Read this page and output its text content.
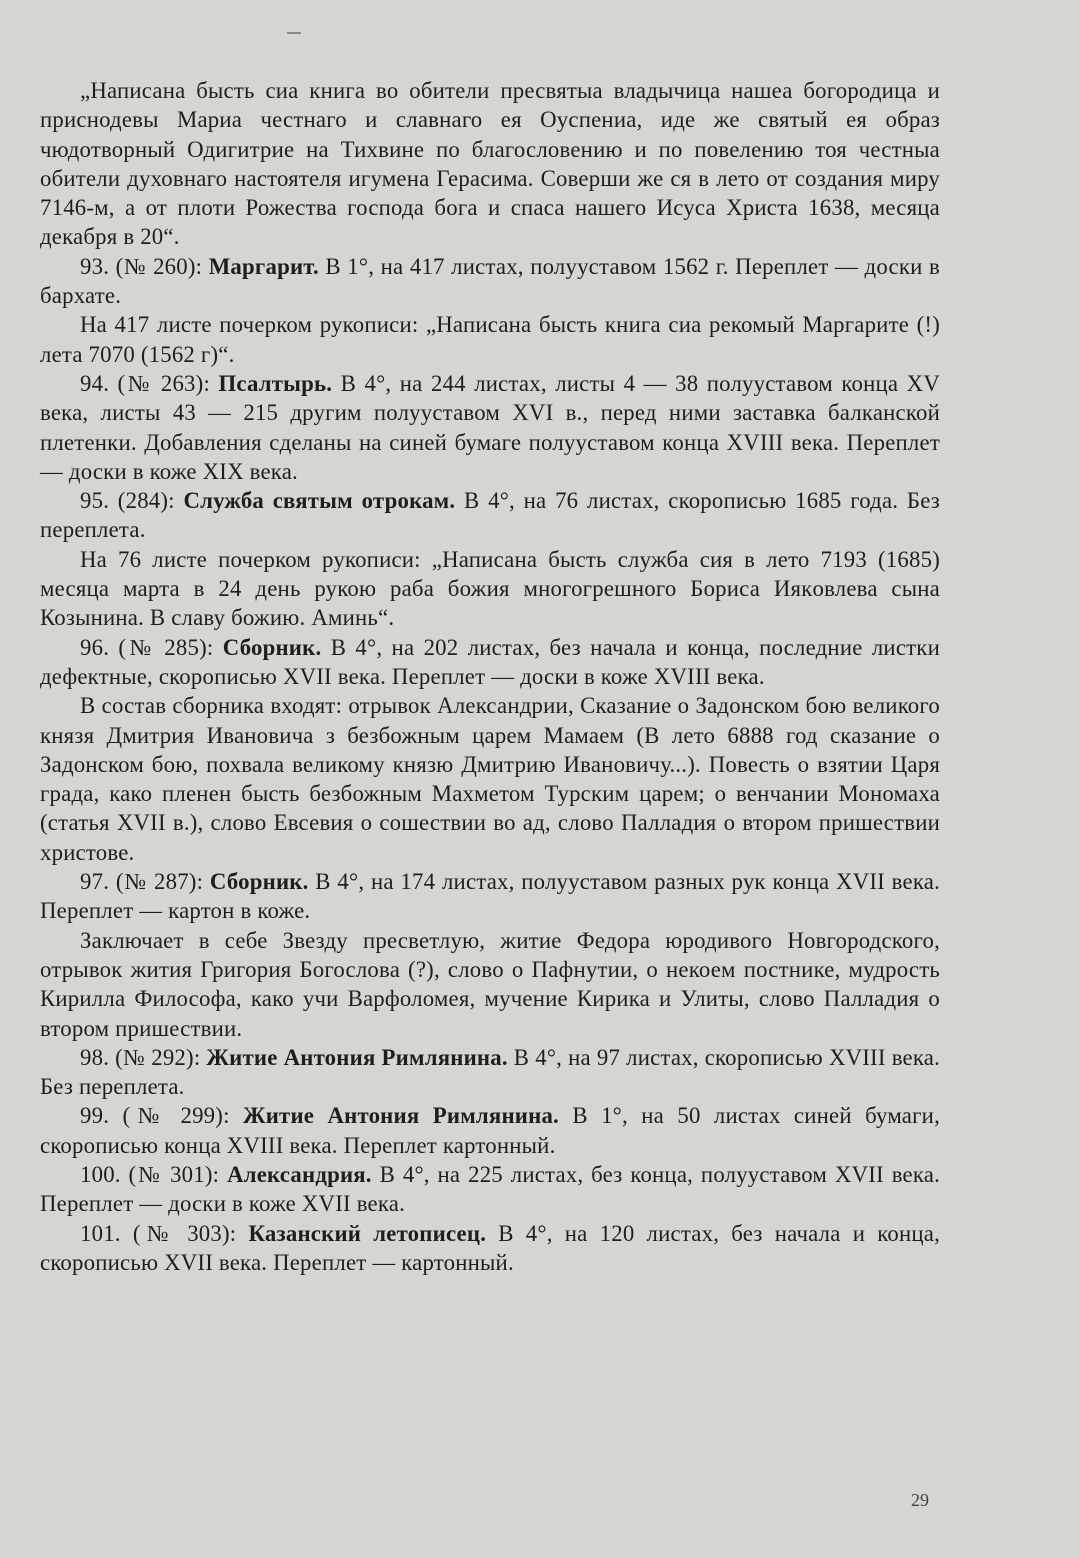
„Написана бысть сиа книга во обители пресвятыа владычица нашеа богородица и приснодевы Мариа честнаго и славнаго ея Оуспениа, иде же святый ея образ чюдотворный Одигитрие на Тихвине по благословению и по повелению тоя честныа обители духовнаго настоятеля игумена Герасима. Соверши же ся в лето от создания миру 7146-м, а от плоти Рожества господа бога и спаса нашего Исуса Христа 1638, месяца декабря в 20“.

93. (№ 260): Маргарит. В 1°, на 417 листах, полууставом 1562 г. Переплет — доски в бархате.

На 417 листе почерком рукописи: „Написана бысть книга сиа рекомый Маргарите (!) лета 7070 (1562 г)“.

94. (№ 263): Псалтырь. В 4°, на 244 листах, листы 4 — 38 полууставом конца XV века, листы 43 — 215 другим полууставом XVI в., перед ними заставка балканской плетенки. Добавления сделаны на синей бумаге полууставом конца XVIII века. Переплет — доски в коже XIX века.

95. (284): Служба святым отрокам. В 4°, на 76 листах, скорописью 1685 года. Без переплета.

На 76 листе почерком рукописи: „Написана бысть служба сия в лето 7193 (1685) месяца марта в 24 день рукою раба божия многогрешного Бориса Иякoвлева сына Козынина. В славу божию. Аминь“.

96. (№ 285): Сборник. В 4°, на 202 листах, без начала и конца, последние листки дефектные, скорописью XVII века. Переплет — доски в коже XVIII века.

В состав сборника входят: отрывок Александрии, Сказание о Задонском бою великого князя Дмитрия Ивановича з безбожным царем Мамаем (В лето 6888 год сказание о Задонском бою, похвала великому князю Дмитрию Ивановичу...). Повесть о взятии Царя града, како пленен бысть безбожным Махметом Турским царем; о венчании Мономаха (статья XVII в.), слово Евсевия о сошествии во ад, слово Палладия о втором пришествии христове.

97. (№ 287): Сборник. В 4°, на 174 листах, полууставом разных рук конца XVII века. Переплет — картон в коже.

Заключает в себе Звезду пресветлую, житие Федора юродивого Новгородского, отрывок жития Григория Богослова (?), слово о Пафнутии, о некоем постнике, мудрость Кирилла Философа, како учи Варфоломея, мучение Кирика и Улиты, слово Палладия о втором пришествии.

98. (№ 292): Житие Антония Римлянина. В 4°, на 97 листах, скорописью XVIII века. Без переплета.

99. (№ 299): Житие Антония Римлянина. В 1°, на 50 листах синей бумаги, скорописью конца XVIII века. Переплет картонный.

100. (№ 301): Александрия. В 4°, на 225 листах, без конца, полууставом XVII века. Переплет — доски в коже XVII века.

101. (№ 303): Казанский летописец. В 4°, на 120 листах, без начала и конца, скорописью XVII века. Переплет — картонный.

29
